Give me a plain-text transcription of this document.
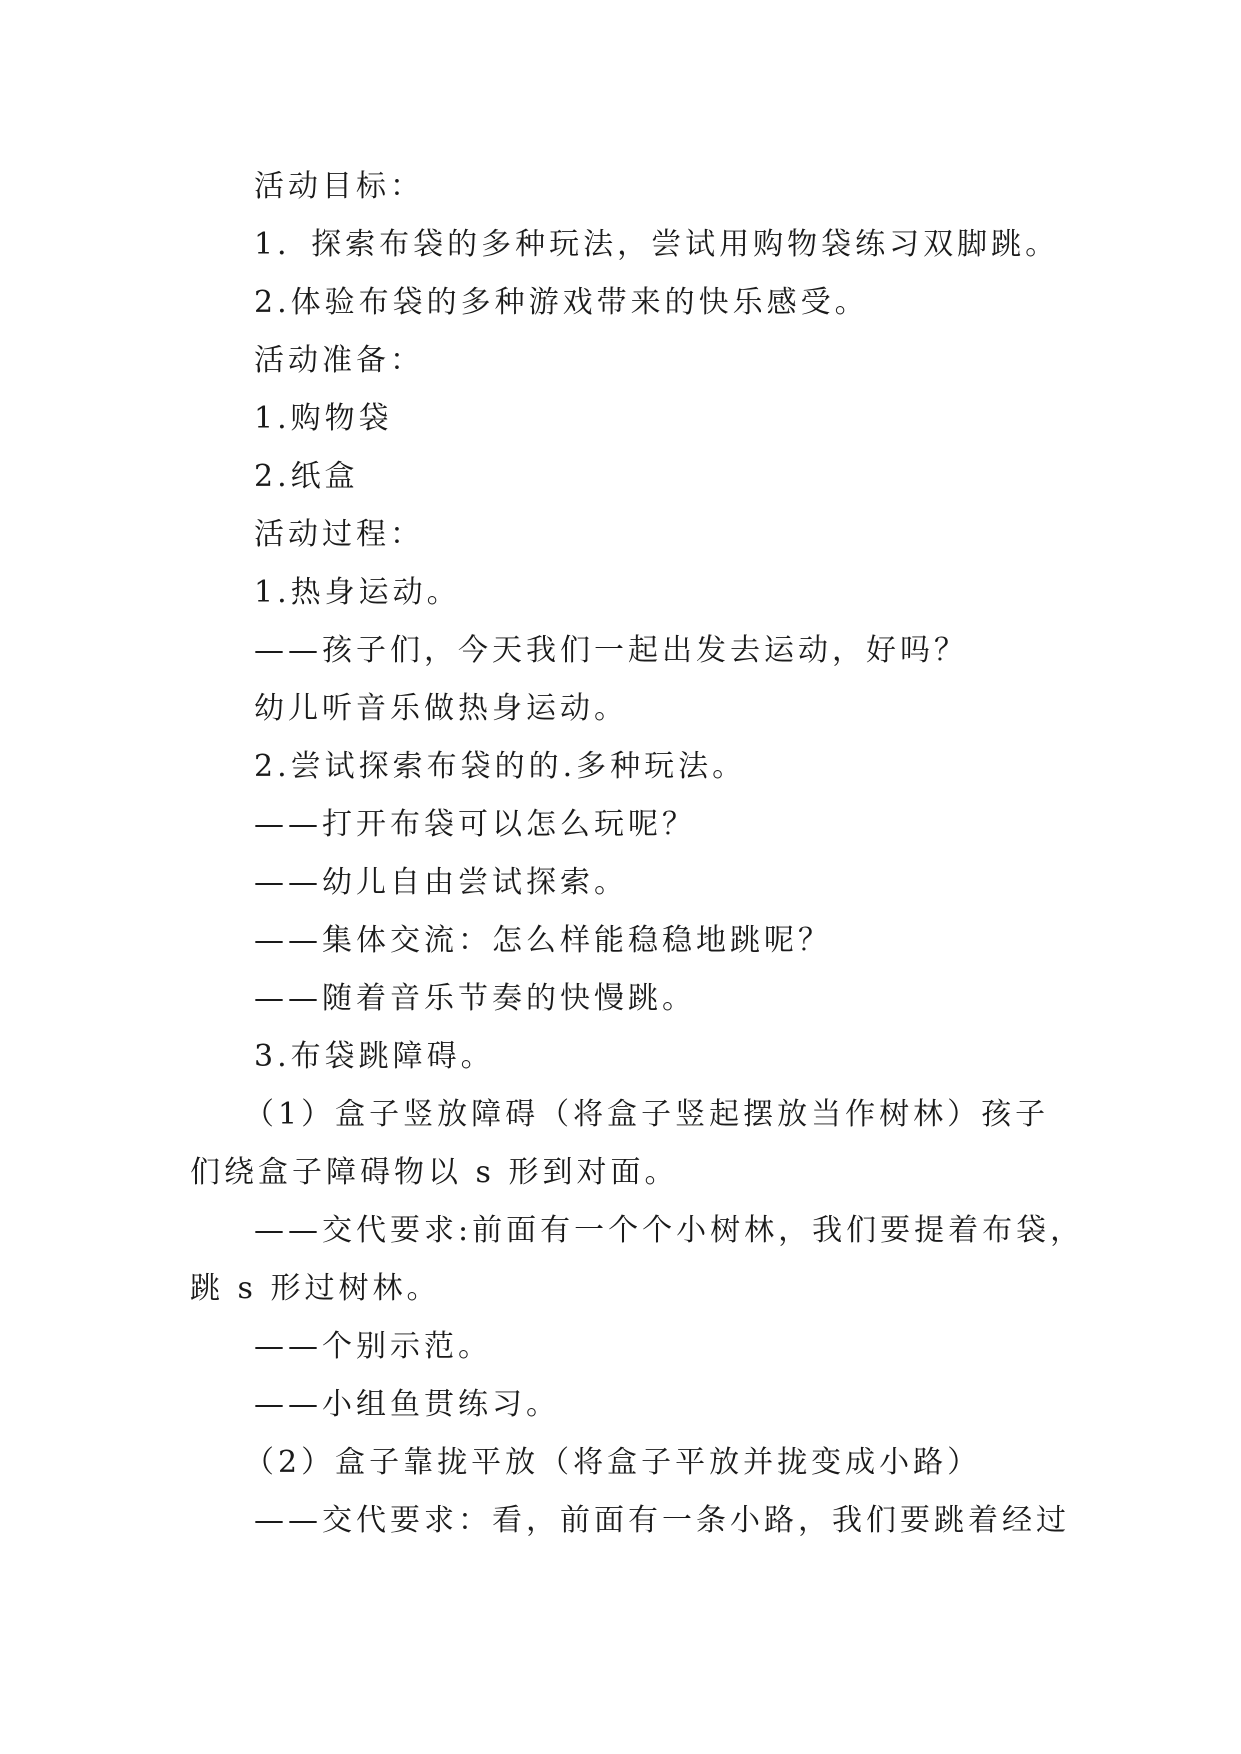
活动目标：
1．探索布袋的多种玩法，尝试用购物袋练习双脚跳。
2.体验布袋的多种游戏带来的快乐感受。
活动准备：
1.购物袋
2.纸盒
活动过程：
1.热身运动。
——孩子们，今天我们一起出发去运动，好吗？
幼儿听音乐做热身运动。
2.尝试探索布袋的的.多种玩法。
——打开布袋可以怎么玩呢？
——幼儿自由尝试探索。
——集体交流：怎么样能稳稳地跳呢？
——随着音乐节奏的快慢跳。
3.布袋跳障碍。
（1）盒子竖放障碍（将盒子竖起摆放当作树林）孩子
们绕盒子障碍物以 s 形到对面。
——交代要求:前面有一个个小树林，我们要提着布袋，
跳 s 形过树林。
——个别示范。
——小组鱼贯练习。
（2）盒子靠拢平放（将盒子平放并拢变成小路）
——交代要求：看，前面有一条小路，我们要跳着经过
